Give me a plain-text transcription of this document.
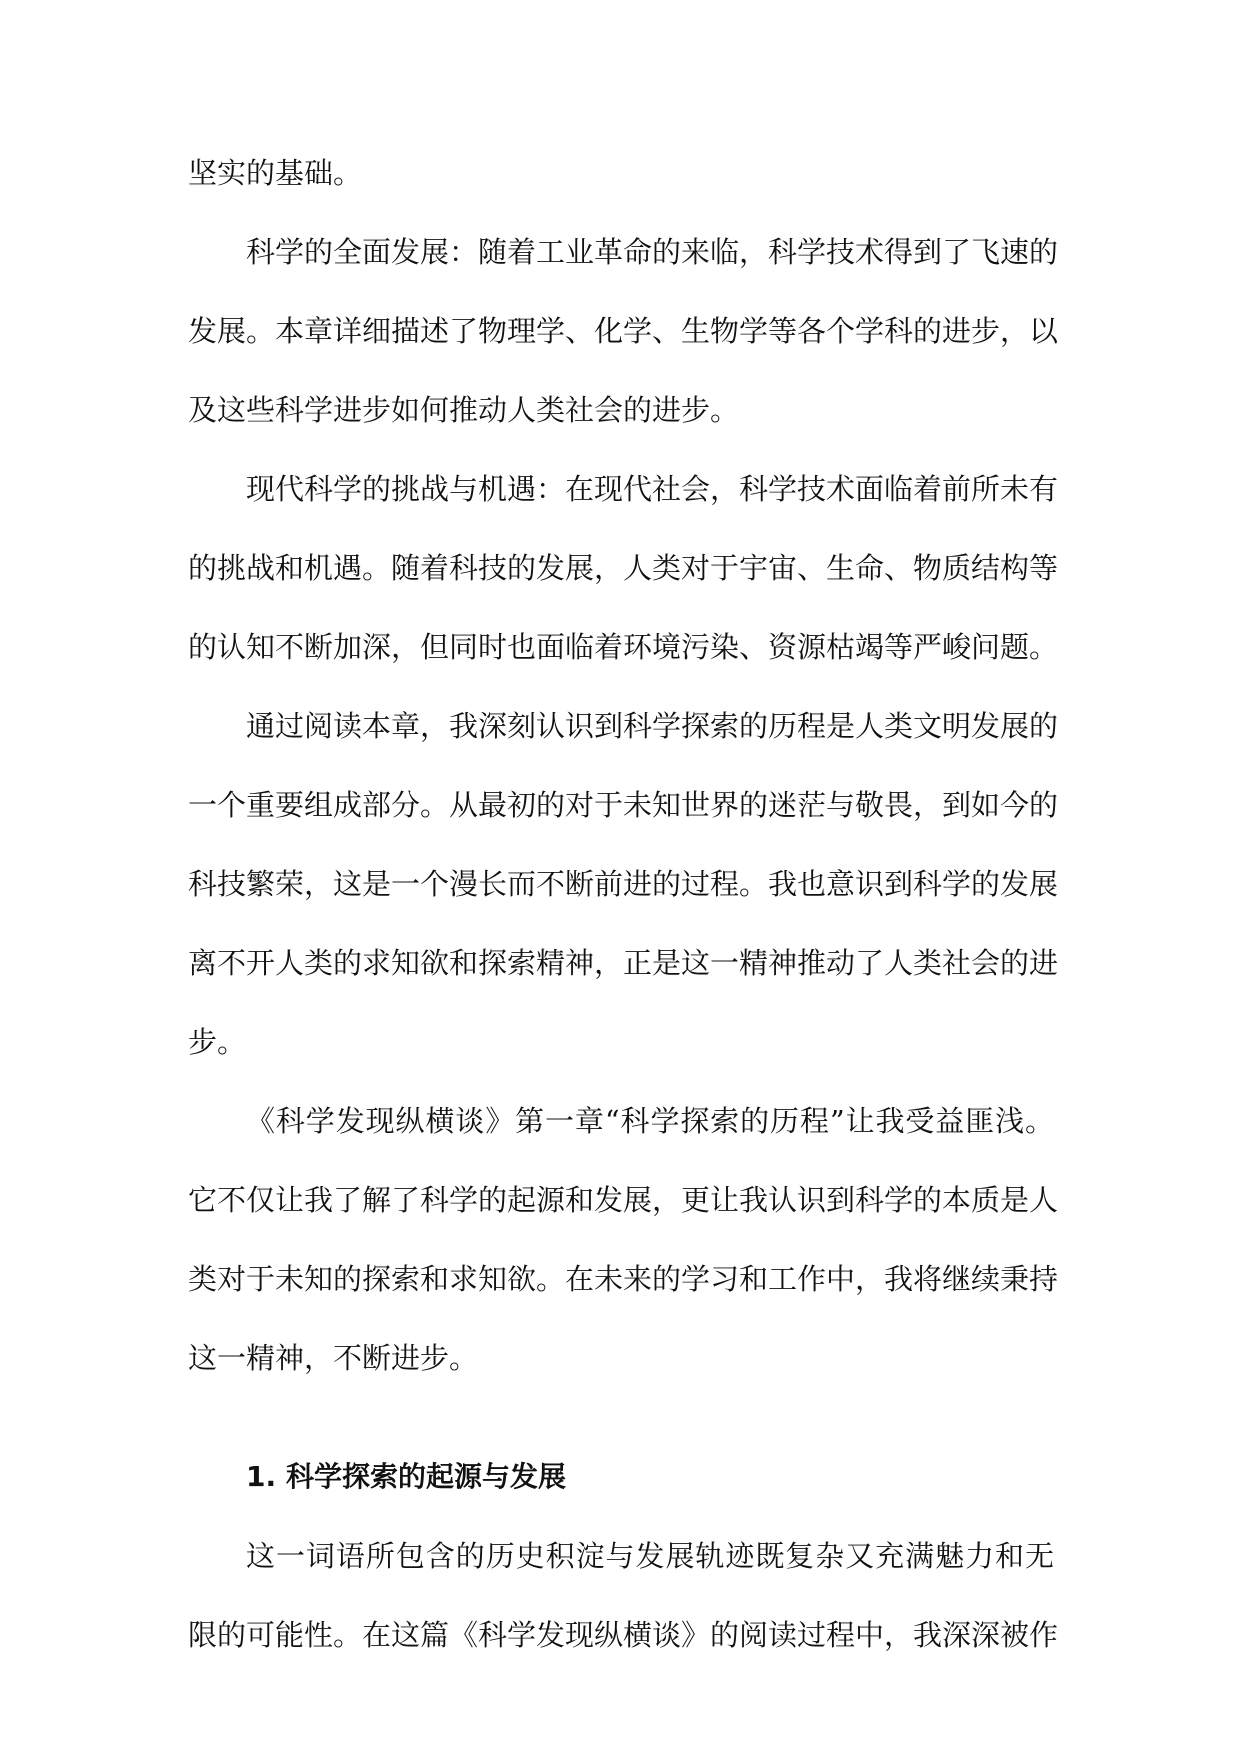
坚实的基础。
科学的全面发展：随着工业革命的来临，科学技术得到了飞速的
发展。本章详细描述了物理学、化学、生物学等各个学科的进步，以
及这些科学进步如何推动人类社会的进步。
现代科学的挑战与机遇：在现代社会，科学技术面临着前所未有
的挑战和机遇。随着科技的发展，人类对于宇宙、生命、物质结构等
的认知不断加深，但同时也面临着环境污染、资源枯竭等严峻问题。
通过阅读本章，我深刻认识到科学探索的历程是人类文明发展的
一个重要组成部分。从最初的对于未知世界的迷茫与敬畏，到如今的
科技繁荣，这是一个漫长而不断前进的过程。我也意识到科学的发展
离不开人类的求知欲和探索精神，正是这一精神推动了人类社会的进
步。
《科学发现纵横谈》第一章“科学探索的历程”让我受益匪浅。
它不仅让我了解了科学的起源和发展，更让我认识到科学的本质是人
类对于未知的探索和求知欲。在未来的学习和工作中，我将继续秉持
这一精神，不断进步。
1. 科学探索的起源与发展
这一词语所包含的历史积淀与发展轨迹既复杂又充满魅力和无
限的可能性。在这篇《科学发现纵横谈》的阅读过程中，我深深被作
